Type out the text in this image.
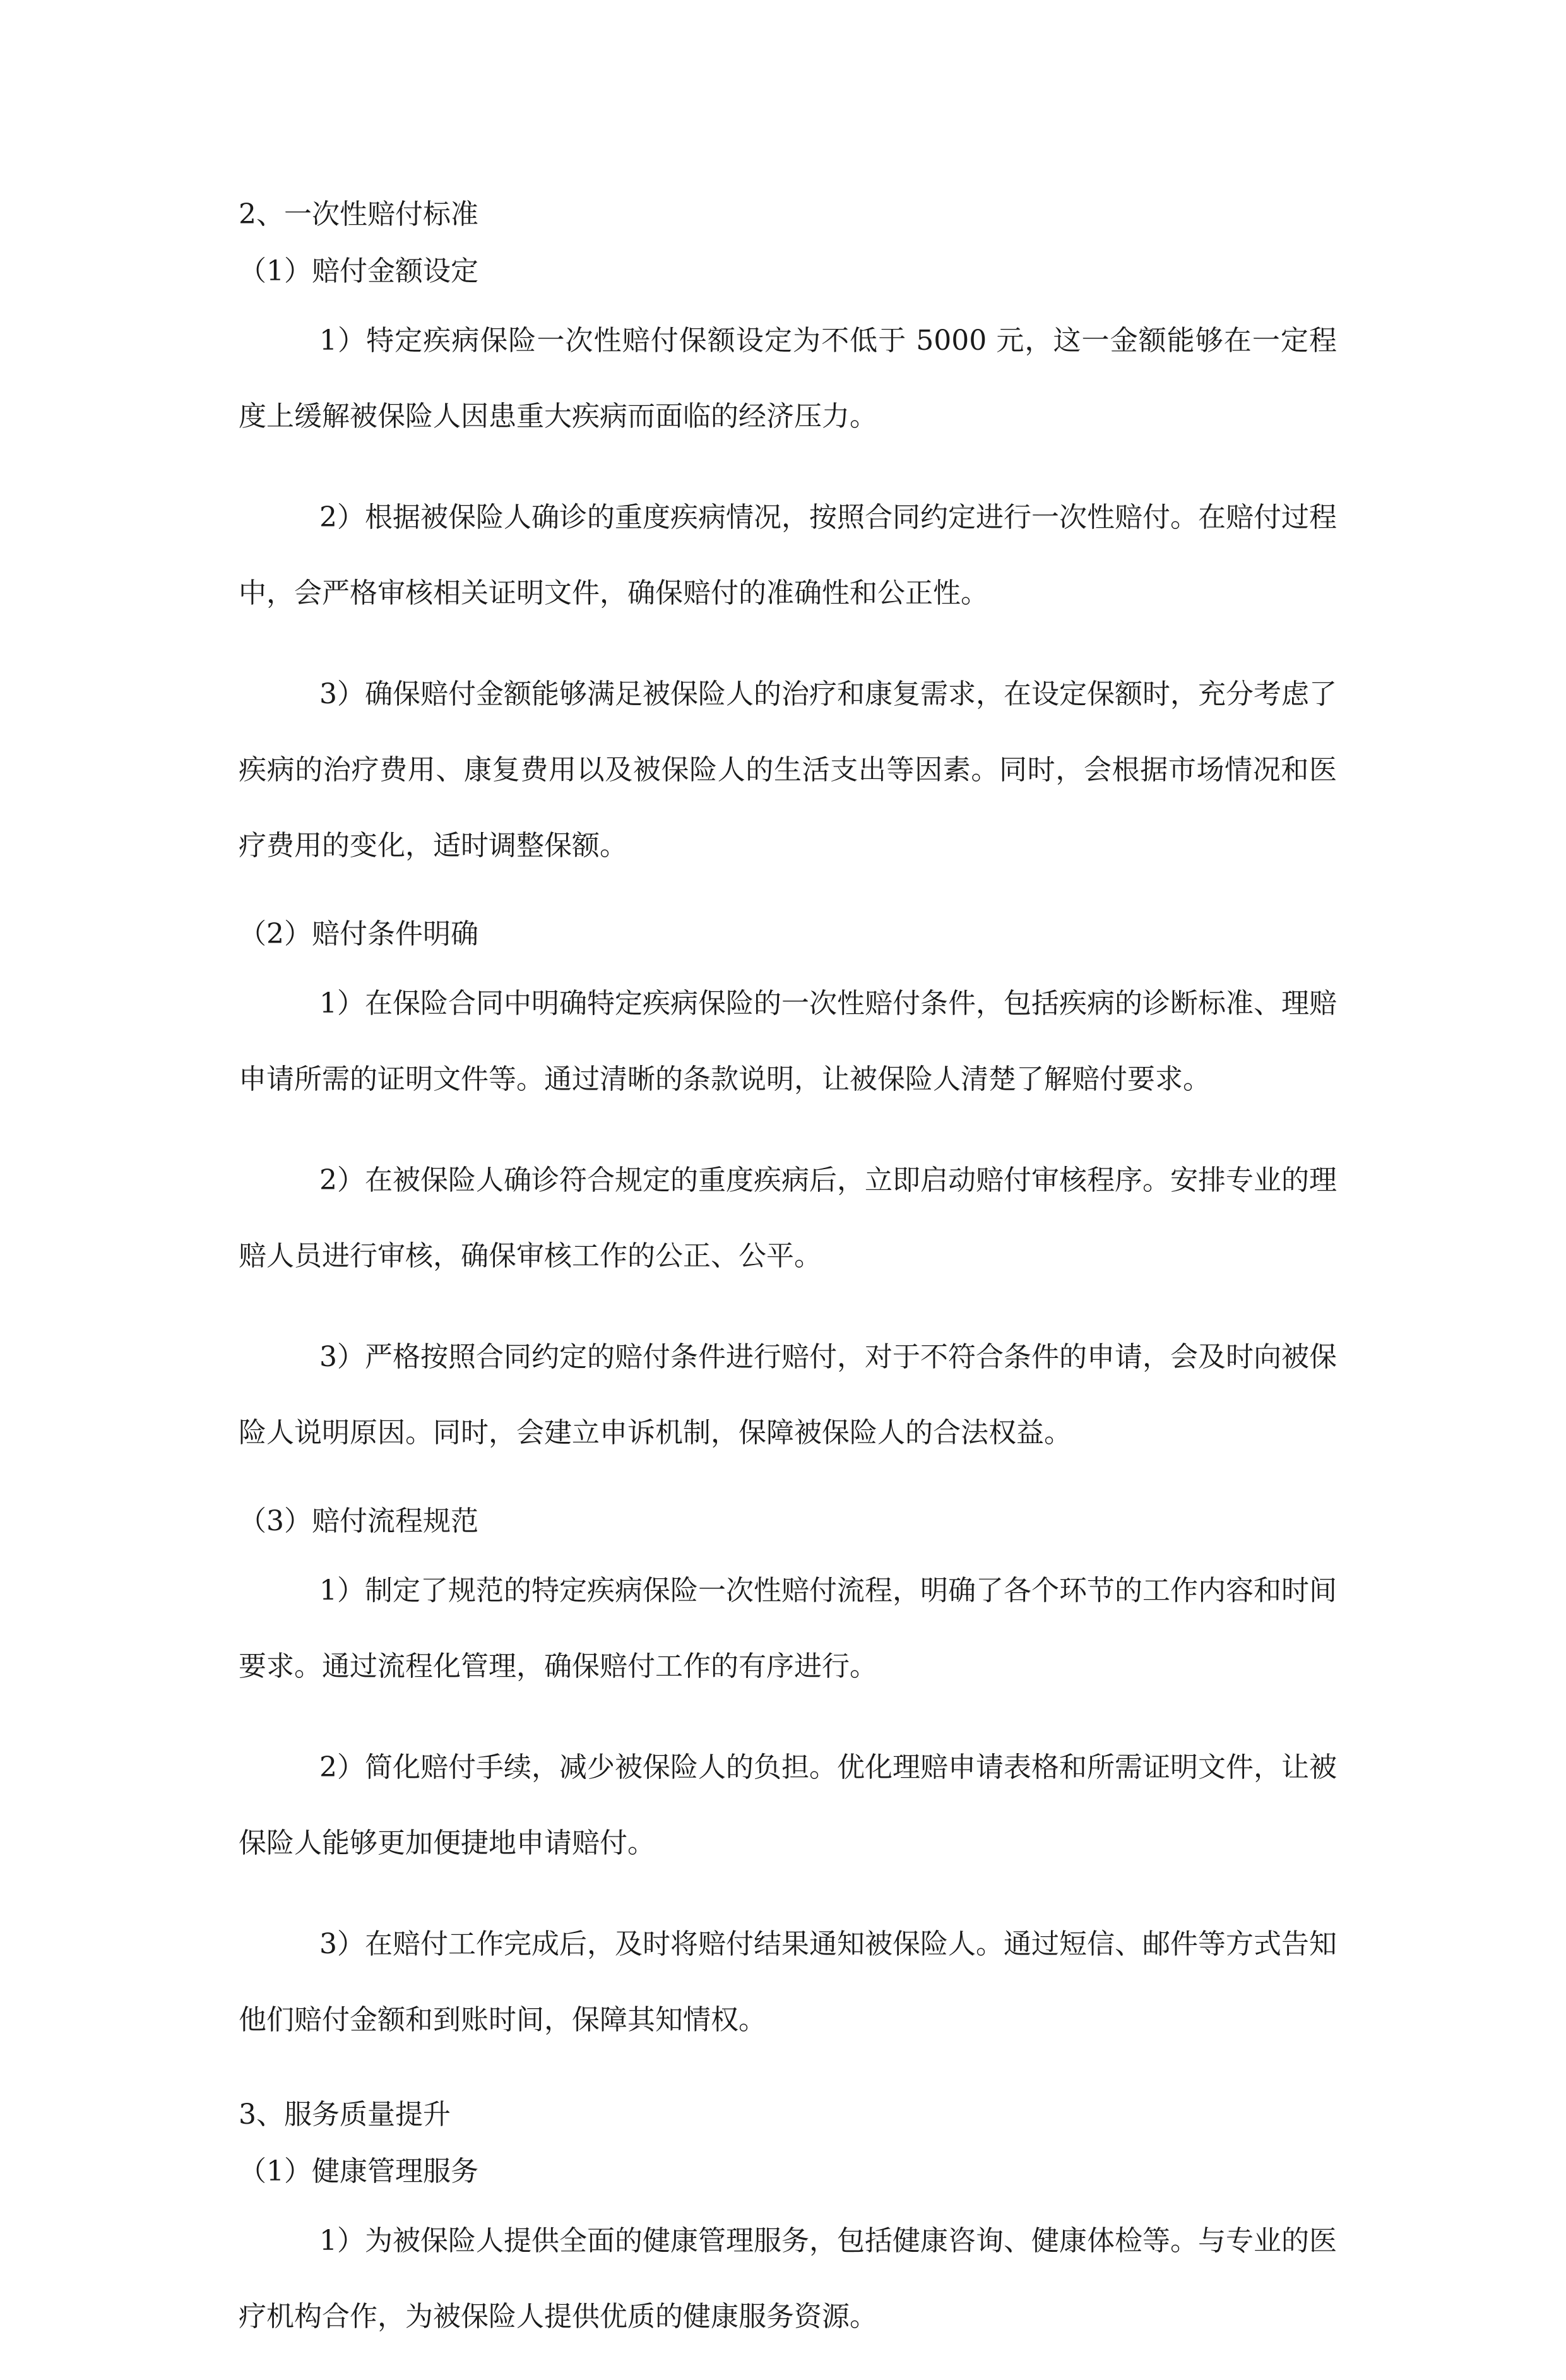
2、一次性赔付标准

（1）赔付金额设定

1）特定疾病保险一次性赔付保额设定为不低于 5000 元，这一金额能够在一定程度上缓解被保险人因患重大疾病而面临的经济压力。

2）根据被保险人确诊的重度疾病情况，按照合同约定进行一次性赔付。在赔付过程中，会严格审核相关证明文件，确保赔付的准确性和公正性。

3）确保赔付金额能够满足被保险人的治疗和康复需求，在设定保额时，充分考虑了疾病的治疗费用、康复费用以及被保险人的生活支出等因素。同时，会根据市场情况和医疗费用的变化，适时调整保额。

（2）赔付条件明确

1）在保险合同中明确特定疾病保险的一次性赔付条件，包括疾病的诊断标准、理赔申请所需的证明文件等。通过清晰的条款说明，让被保险人清楚了解赔付要求。

2）在被保险人确诊符合规定的重度疾病后，立即启动赔付审核程序。安排专业的理赔人员进行审核，确保审核工作的公正、公平。

3）严格按照合同约定的赔付条件进行赔付，对于不符合条件的申请，会及时向被保险人说明原因。同时，会建立申诉机制，保障被保险人的合法权益。

（3）赔付流程规范

1）制定了规范的特定疾病保险一次性赔付流程，明确了各个环节的工作内容和时间要求。通过流程化管理，确保赔付工作的有序进行。

2）简化赔付手续，减少被保险人的负担。优化理赔申请表格和所需证明文件，让被保险人能够更加便捷地申请赔付。

3）在赔付工作完成后，及时将赔付结果通知被保险人。通过短信、邮件等方式告知他们赔付金额和到账时间，保障其知情权。

3、服务质量提升

（1）健康管理服务

1）为被保险人提供全面的健康管理服务，包括健康咨询、健康体检等。与专业的医疗机构合作，为被保险人提供优质的健康服务资源。
